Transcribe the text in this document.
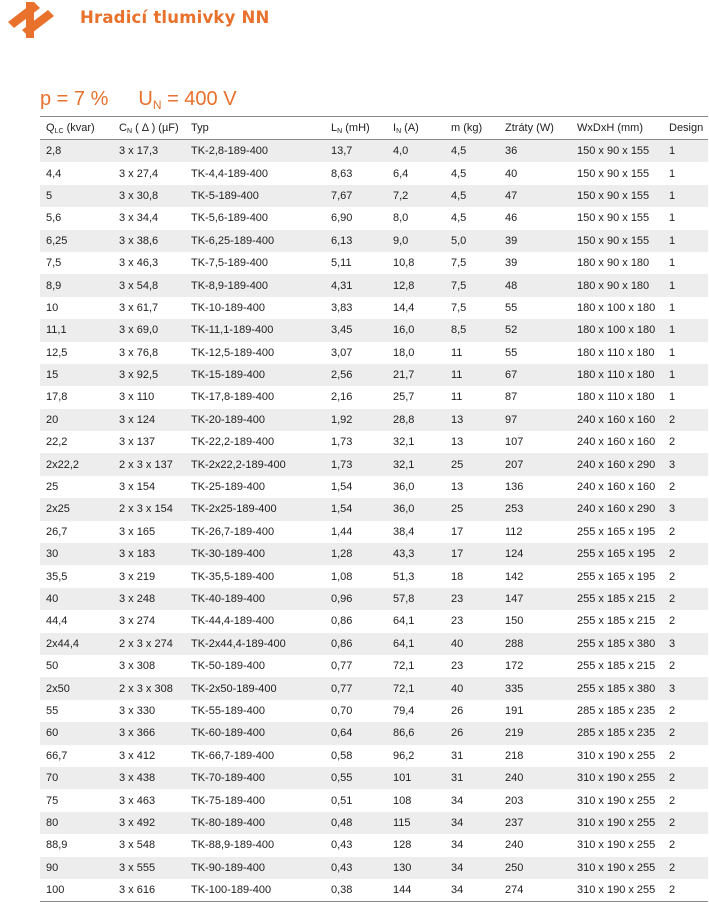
Hradicí tlumivky NN
p = 7 % $U_N = 400$ V
$Q_{LC}$ (kvar)	$C_N$ ( Δ ) (µF)	Typ	$L_N$ (mH)	$I_N$ (A)	m (kg)	Ztráty (W)	WxDxH (mm)	Design
2,8	3 x 17,3	TK-2,8-189-400	13,7	4,0	4,5	36	150 x 90 x 155	1
4,4	3 x 27,4	TK-4,4-189-400	8,63	6,4	4,5	40	150 x 90 x 155	1
5	3 x 30,8	TK-5-189-400	7,67	7,2	4,5	47	150 x 90 x 155	1
5,6	3 x 34,4	TK-5,6-189-400	6,90	8,0	4,5	46	150 x 90 x 155	1
6,25	3 x 38,6	TK-6,25-189-400	6,13	9,0	5,0	39	150 x 90 x 155	1
7,5	3 x 46,3	TK-7,5-189-400	5,11	10,8	7,5	39	180 x 90 x 180	1
8,9	3 x 54,8	TK-8,9-189-400	4,31	12,8	7,5	48	180 x 90 x 180	1
10	3 x 61,7	TK-10-189-400	3,83	14,4	7,5	55	180 x 100 x 180	1
11,1	3 x 69,0	TK-11,1-189-400	3,45	16,0	8,5	52	180 x 100 x 180	1
12,5	3 x 76,8	TK-12,5-189-400	3,07	18,0	11	55	180 x 110 x 180	1
15	3 x 92,5	TK-15-189-400	2,56	21,7	11	67	180 x 110 x 180	1
17,8	3 x 110	TK-17,8-189-400	2,16	25,7	11	87	180 x 110 x 180	1
20	3 x 124	TK-20-189-400	1,92	28,8	13	97	240 x 160 x 160	2
22,2	3 x 137	TK-22,2-189-400	1,73	32,1	13	107	240 x 160 x 160	2
2x22,2	2 x 3 x 137	TK-2x22,2-189-400	1,73	32,1	25	207	240 x 160 x 290	3
25	3 x 154	TK-25-189-400	1,54	36,0	13	136	240 x 160 x 160	2
2x25	2 x 3 x 154	TK-2x25-189-400	1,54	36,0	25	253	240 x 160 x 290	3
26,7	3 x 165	TK-26,7-189-400	1,44	38,4	17	112	255 x 165 x 195	2
30	3 x 183	TK-30-189-400	1,28	43,3	17	124	255 x 165 x 195	2
35,5	3 x 219	TK-35,5-189-400	1,08	51,3	18	142	255 x 165 x 195	2
40	3 x 248	TK-40-189-400	0,96	57,8	23	147	255 x 185 x 215	2
44,4	3 x 274	TK-44,4-189-400	0,86	64,1	23	150	255 x 185 x 215	2
2x44,4	2 x 3 x 274	TK-2x44,4-189-400	0,86	64,1	40	288	255 x 185 x 380	3
50	3 x 308	TK-50-189-400	0,77	72,1	23	172	255 x 185 x 215	2
2x50	2 x 3 x 308	TK-2x50-189-400	0,77	72,1	40	335	255 x 185 x 380	3
55	3 x 330	TK-55-189-400	0,70	79,4	26	191	285 x 185 x 235	2
60	3 x 366	TK-60-189-400	0,64	86,6	26	219	285 x 185 x 235	2
66,7	3 x 412	TK-66,7-189-400	0,58	96,2	31	218	310 x 190 x 255	2
70	3 x 438	TK-70-189-400	0,55	101	31	240	310 x 190 x 255	2
75	3 x 463	TK-75-189-400	0,51	108	34	203	310 x 190 x 255	2
80	3 x 492	TK-80-189-400	0,48	115	34	237	310 x 190 x 255	2
88,9	3 x 548	TK-88,9-189-400	0,43	128	34	240	310 x 190 x 255	2
90	3 x 555	TK-90-189-400	0,43	130	34	250	310 x 190 x 255	2
100	3 x 616	TK-100-189-400	0,38	144	34	274	310 x 190 x 255	2
